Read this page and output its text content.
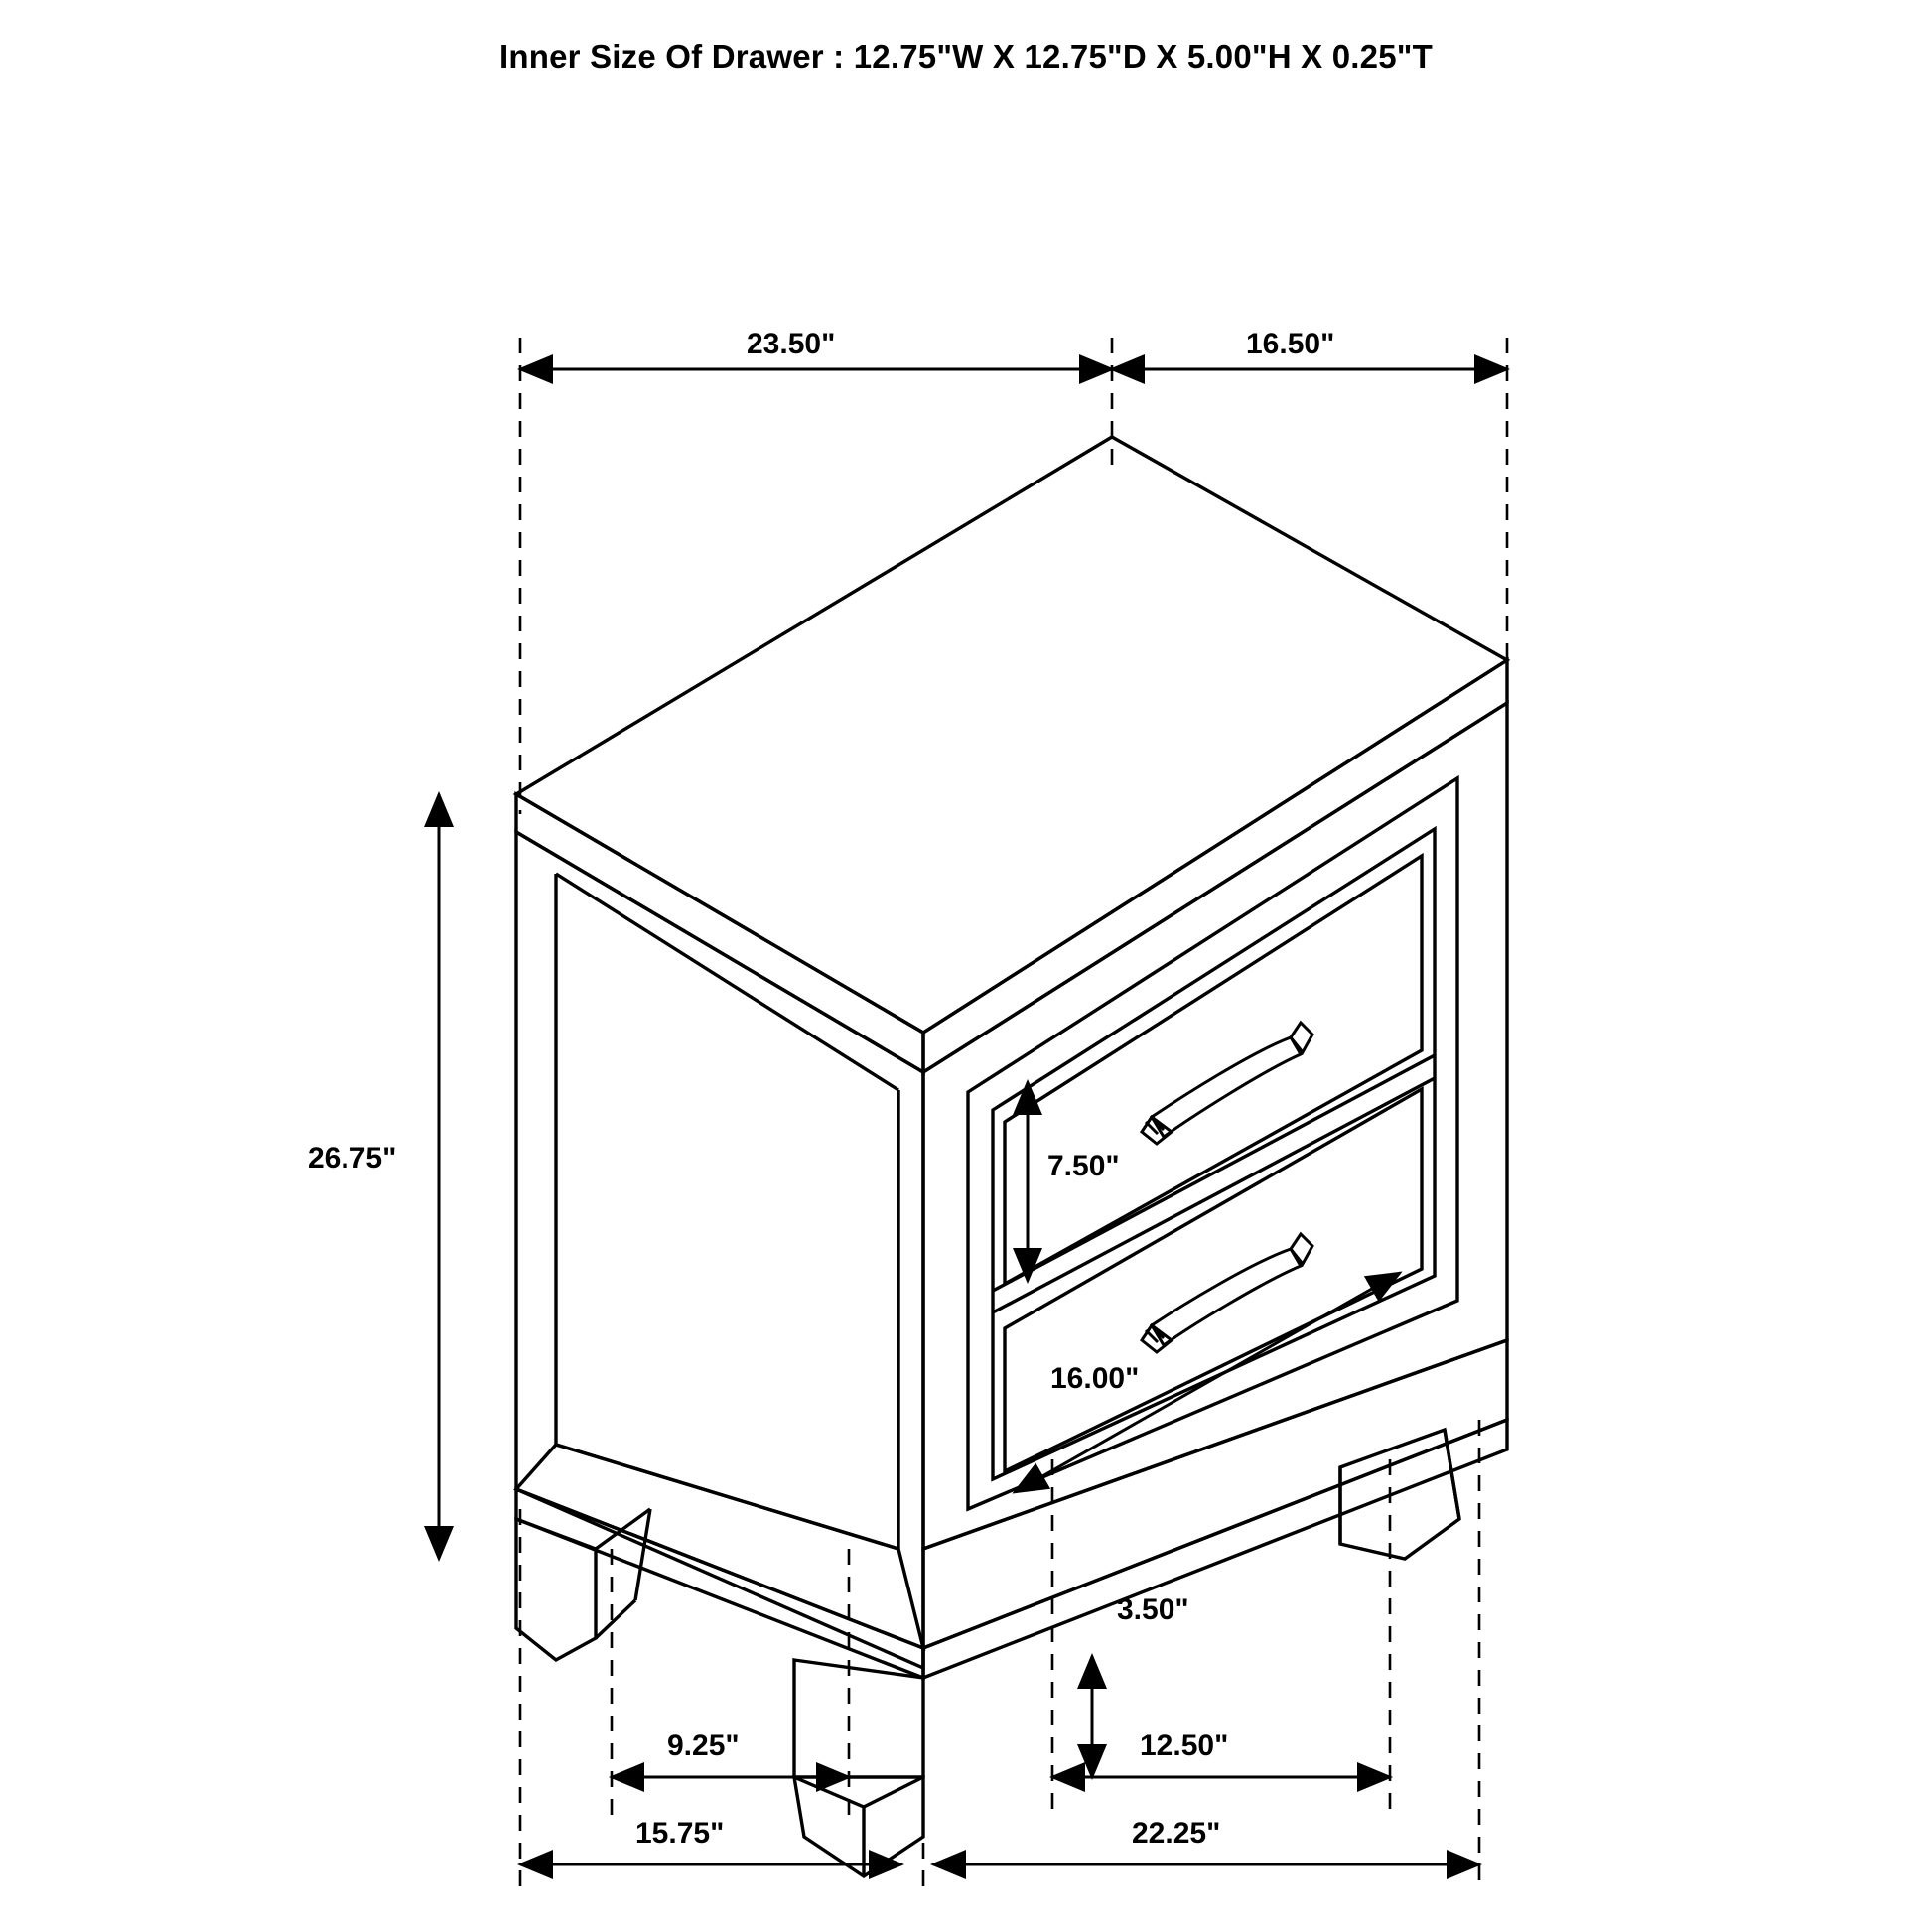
Inner Size Of Drawer : 12.75"W X 12.75"D X 5.00"H X 0.25"T
23.50"	16.50"
26.75"	7.50"
16.00"
3.50"
9.25"	12.50"
15.75"	22.25"
